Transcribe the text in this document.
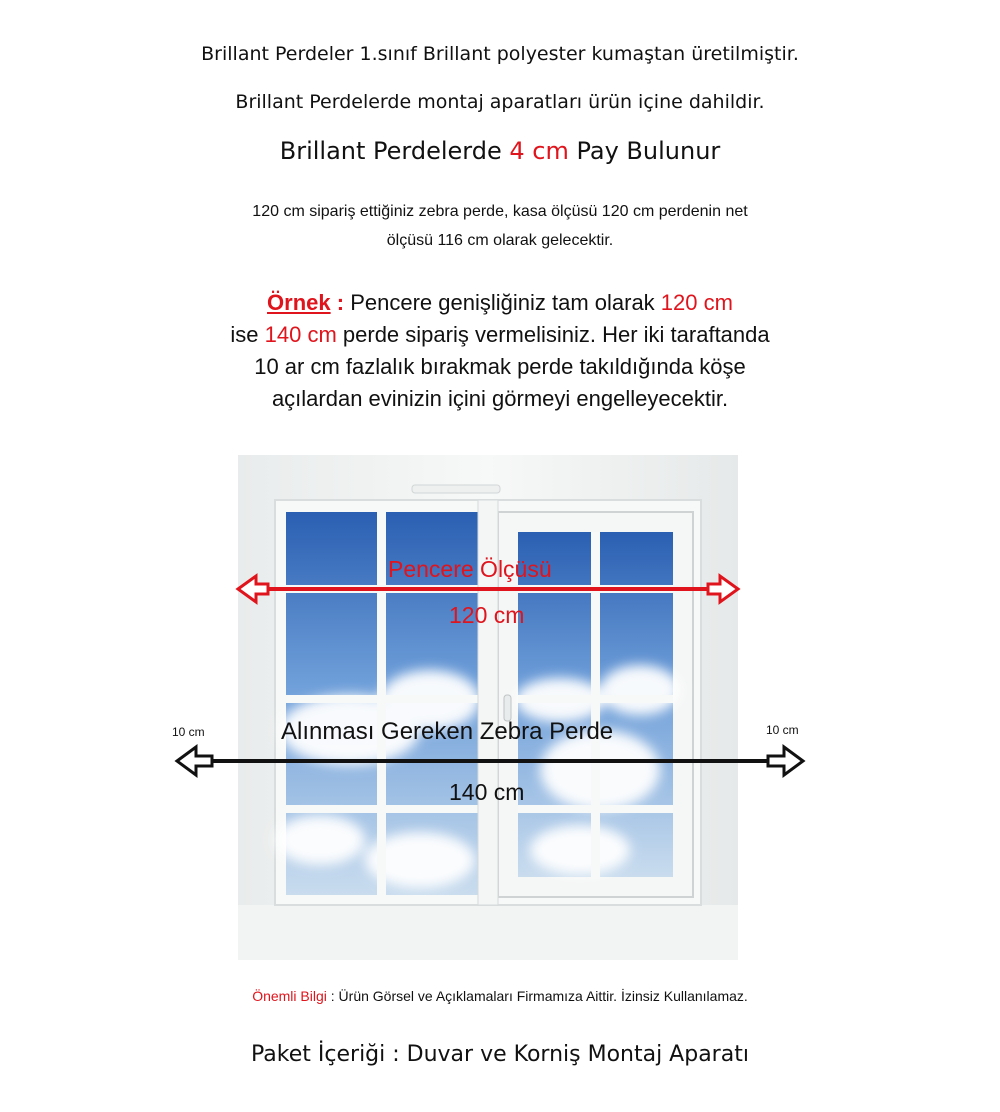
Brillant Perdeler 1.sınıf Brillant polyester kumaştan üretilmiştir.
Brillant Perdelerde montaj aparatları ürün içine dahildir.
Brillant Perdelerde 4 cm Pay Bulunur
120 cm sipariş ettiğiniz zebra perde, kasa ölçüsü 120 cm perdenin net
ölçüsü 116 cm olarak gelecektir.
Örnek : Pencere genişliğiniz tam olarak 120 cm
ise 140 cm perde sipariş vermelisiniz. Her iki taraftanda
10 ar cm fazlalık bırakmak perde takıldığında köşe
açılardan evinizin içini görmeyi engelleyecektir.
Pencere Ölçüsü
120 cm
Alınması Gereken Zebra Perde
140 cm
10 cm	10 cm
Önemli Bilgi : Ürün Görsel ve Açıklamaları Firmamıza Aittir. İzinsiz Kullanılamaz.
Paket İçeriği : Duvar ve Korniş Montaj Aparatı
